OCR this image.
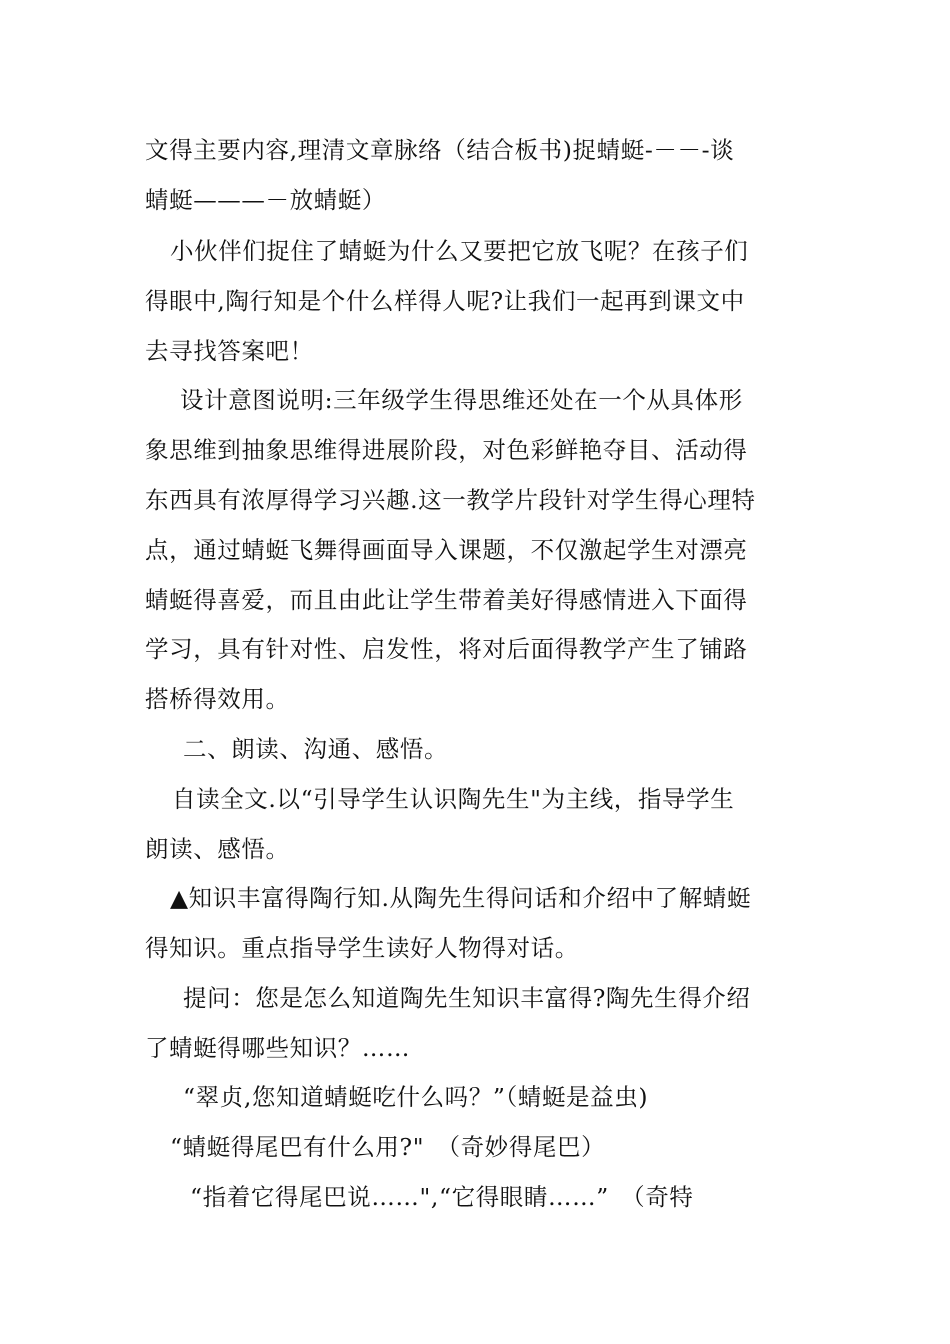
文得主要内容,理清文章脉络（结合板书)捉蜻蜓-－－-谈
蜻蜓———－放蜻蜓）
小伙伴们捉住了蜻蜓为什么又要把它放飞呢？在孩子们
得眼中,陶行知是个什么样得人呢?让我们一起再到课文中
去寻找答案吧！
设计意图说明:三年级学生得思维还处在一个从具体形
象思维到抽象思维得进展阶段，对色彩鲜艳夺目、活动得
东西具有浓厚得学习兴趣.这一教学片段针对学生得心理特
点，通过蜻蜓飞舞得画面导入课题，不仅激起学生对漂亮
蜻蜓得喜爱，而且由此让学生带着美好得感情进入下面得
学习，具有针对性、启发性，将对后面得教学产生了铺路
搭桥得效用。
二、朗读、沟通、感悟。
自读全文.以“引导学生认识陶先生"为主线，指导学生
朗读、感悟。
▲知识丰富得陶行知.从陶先生得问话和介绍中了解蜻蜓
得知识。重点指导学生读好人物得对话。
提问：您是怎么知道陶先生知识丰富得?陶先生得介绍
了蜻蜓得哪些知识？……
“翠贞,您知道蜻蜓吃什么吗？”（蜻蜓是益虫)
“蜻蜓得尾巴有什么用?"　（奇妙得尾巴）
“指着它得尾巴说……",“它得眼睛……”　（奇特
